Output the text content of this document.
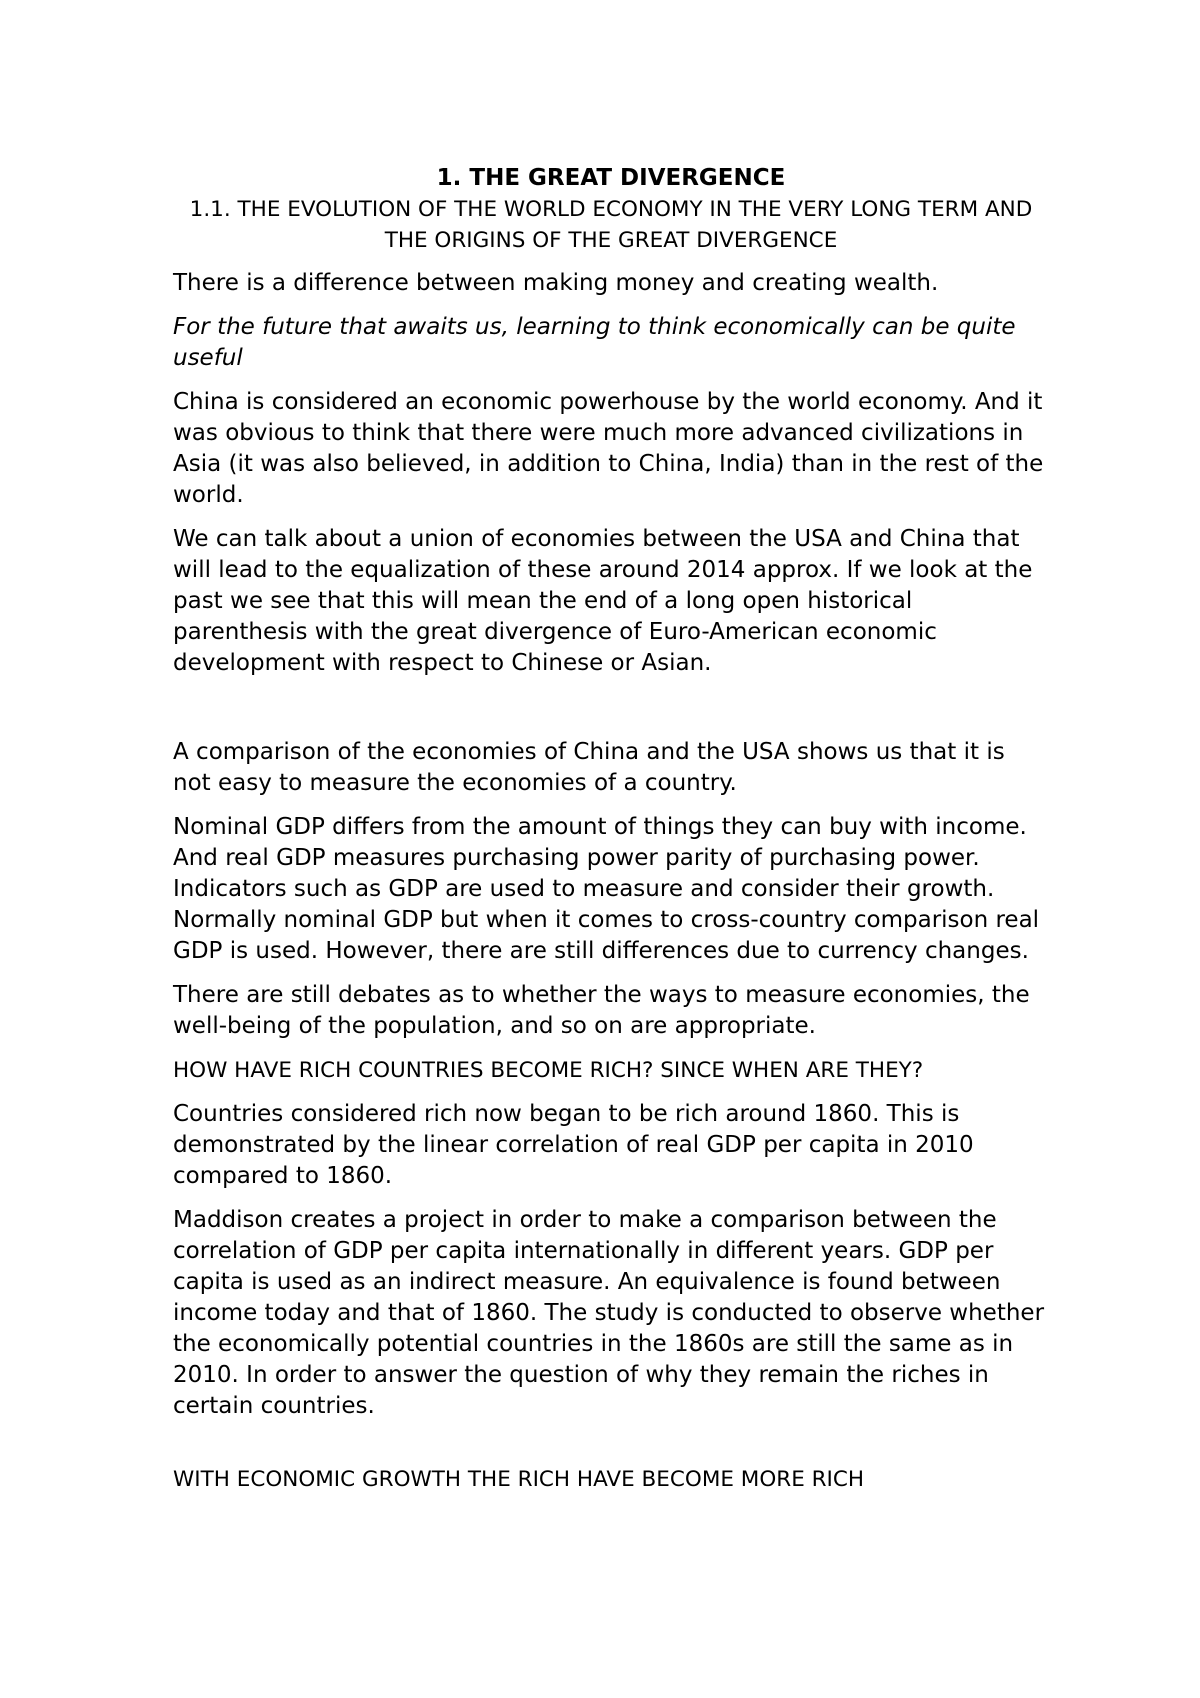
1. THE GREAT DIVERGENCE
1.1. THE EVOLUTION OF THE WORLD ECONOMY IN THE VERY LONG TERM AND THE ORIGINS OF THE GREAT DIVERGENCE

There is a difference between making money and creating wealth.

For the future that awaits us, learning to think economically can be quite useful

China is considered an economic powerhouse by the world economy. And it was obvious to think that there were much more advanced civilizations in Asia (it was also believed, in addition to China, India) than in the rest of the world.

We can talk about a union of economies between the USA and China that will lead to the equalization of these around 2014 approx. If we look at the past we see that this will mean the end of a long open historical parenthesis with the great divergence of Euro-American economic development with respect to Chinese or Asian.

A comparison of the economies of China and the USA shows us that it is not easy to measure the economies of a country.

Nominal GDP differs from the amount of things they can buy with income. And real GDP measures purchasing power parity of purchasing power. Indicators such as GDP are used to measure and consider their growth. Normally nominal GDP but when it comes to cross-country comparison real GDP is used. However, there are still differences due to currency changes.

There are still debates as to whether the ways to measure economies, the well-being of the population, and so on are appropriate.

HOW HAVE RICH COUNTRIES BECOME RICH? SINCE WHEN ARE THEY?

Countries considered rich now began to be rich around 1860. This is demonstrated by the linear correlation of real GDP per capita in 2010 compared to 1860.

Maddison creates a project in order to make a comparison between the correlation of GDP per capita internationally in different years. GDP per capita is used as an indirect measure. An equivalence is found between income today and that of 1860. The study is conducted to observe whether the economically potential countries in the 1860s are still the same as in 2010. In order to answer the question of why they remain the riches in certain countries.

WITH ECONOMIC GROWTH THE RICH HAVE BECOME MORE RICH
